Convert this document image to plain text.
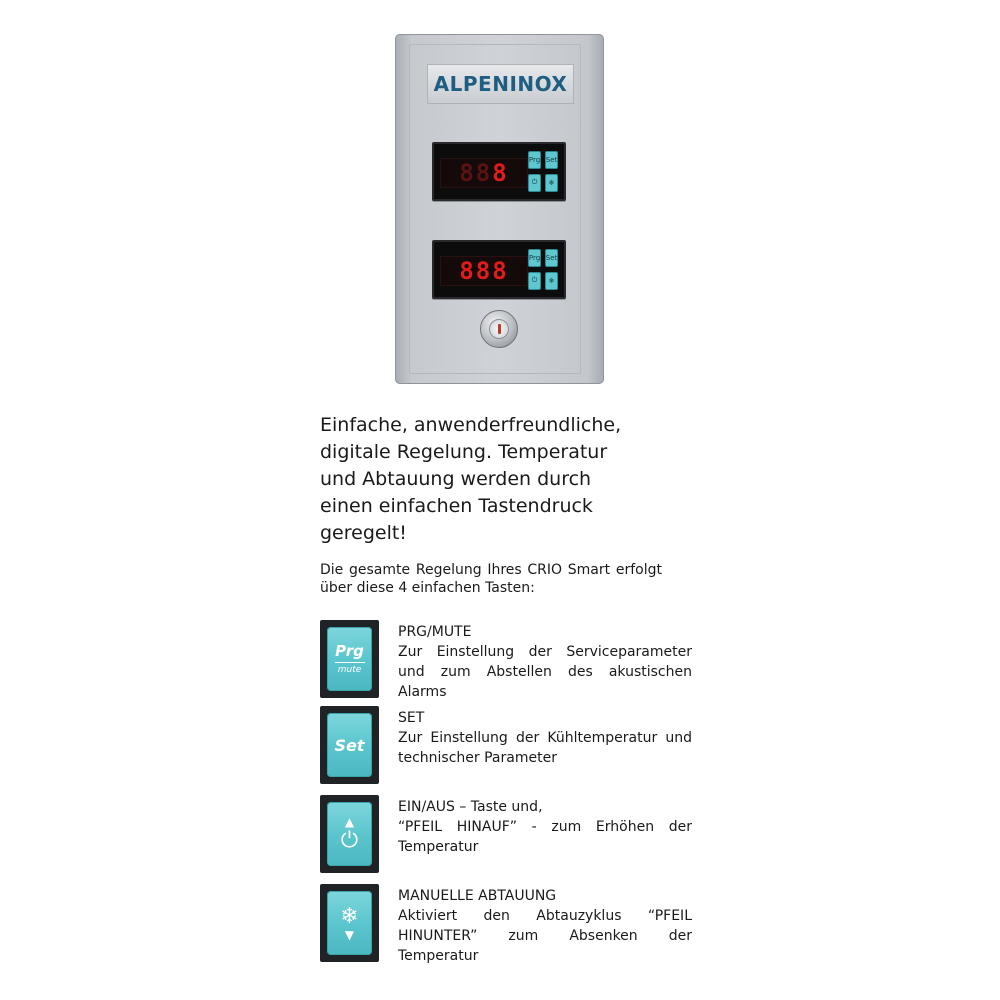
ALPENINOX
88 8	Prg Set
⏻	❄
888	Prg Set
⏻	❄
Einfache, anwenderfreundliche,
digitale Regelung. Temperatur
und Abtauung werden durch
einen einfachen Tastendruck
geregelt!
Die gesamte Regelung Ihres CRIO Smart erfolgt über diese 4 einfachen Tasten:
Prg
mute
PRG/MUTE
Zur Einstellung der Serviceparameter und zum Abstellen des akustischen Alarms
Set
SET
Zur Einstellung der Kühltemperatur und technischer Parameter
▲
⏻
EIN/AUS – Taste und,
“PFEIL HINAUF” - zum Erhöhen der Temperatur
❄
▼
MANUELLE ABTAUUNG
Aktiviert den Abtauzyklus “PFEIL HINUNTER” zum Absenken der Temperatur
